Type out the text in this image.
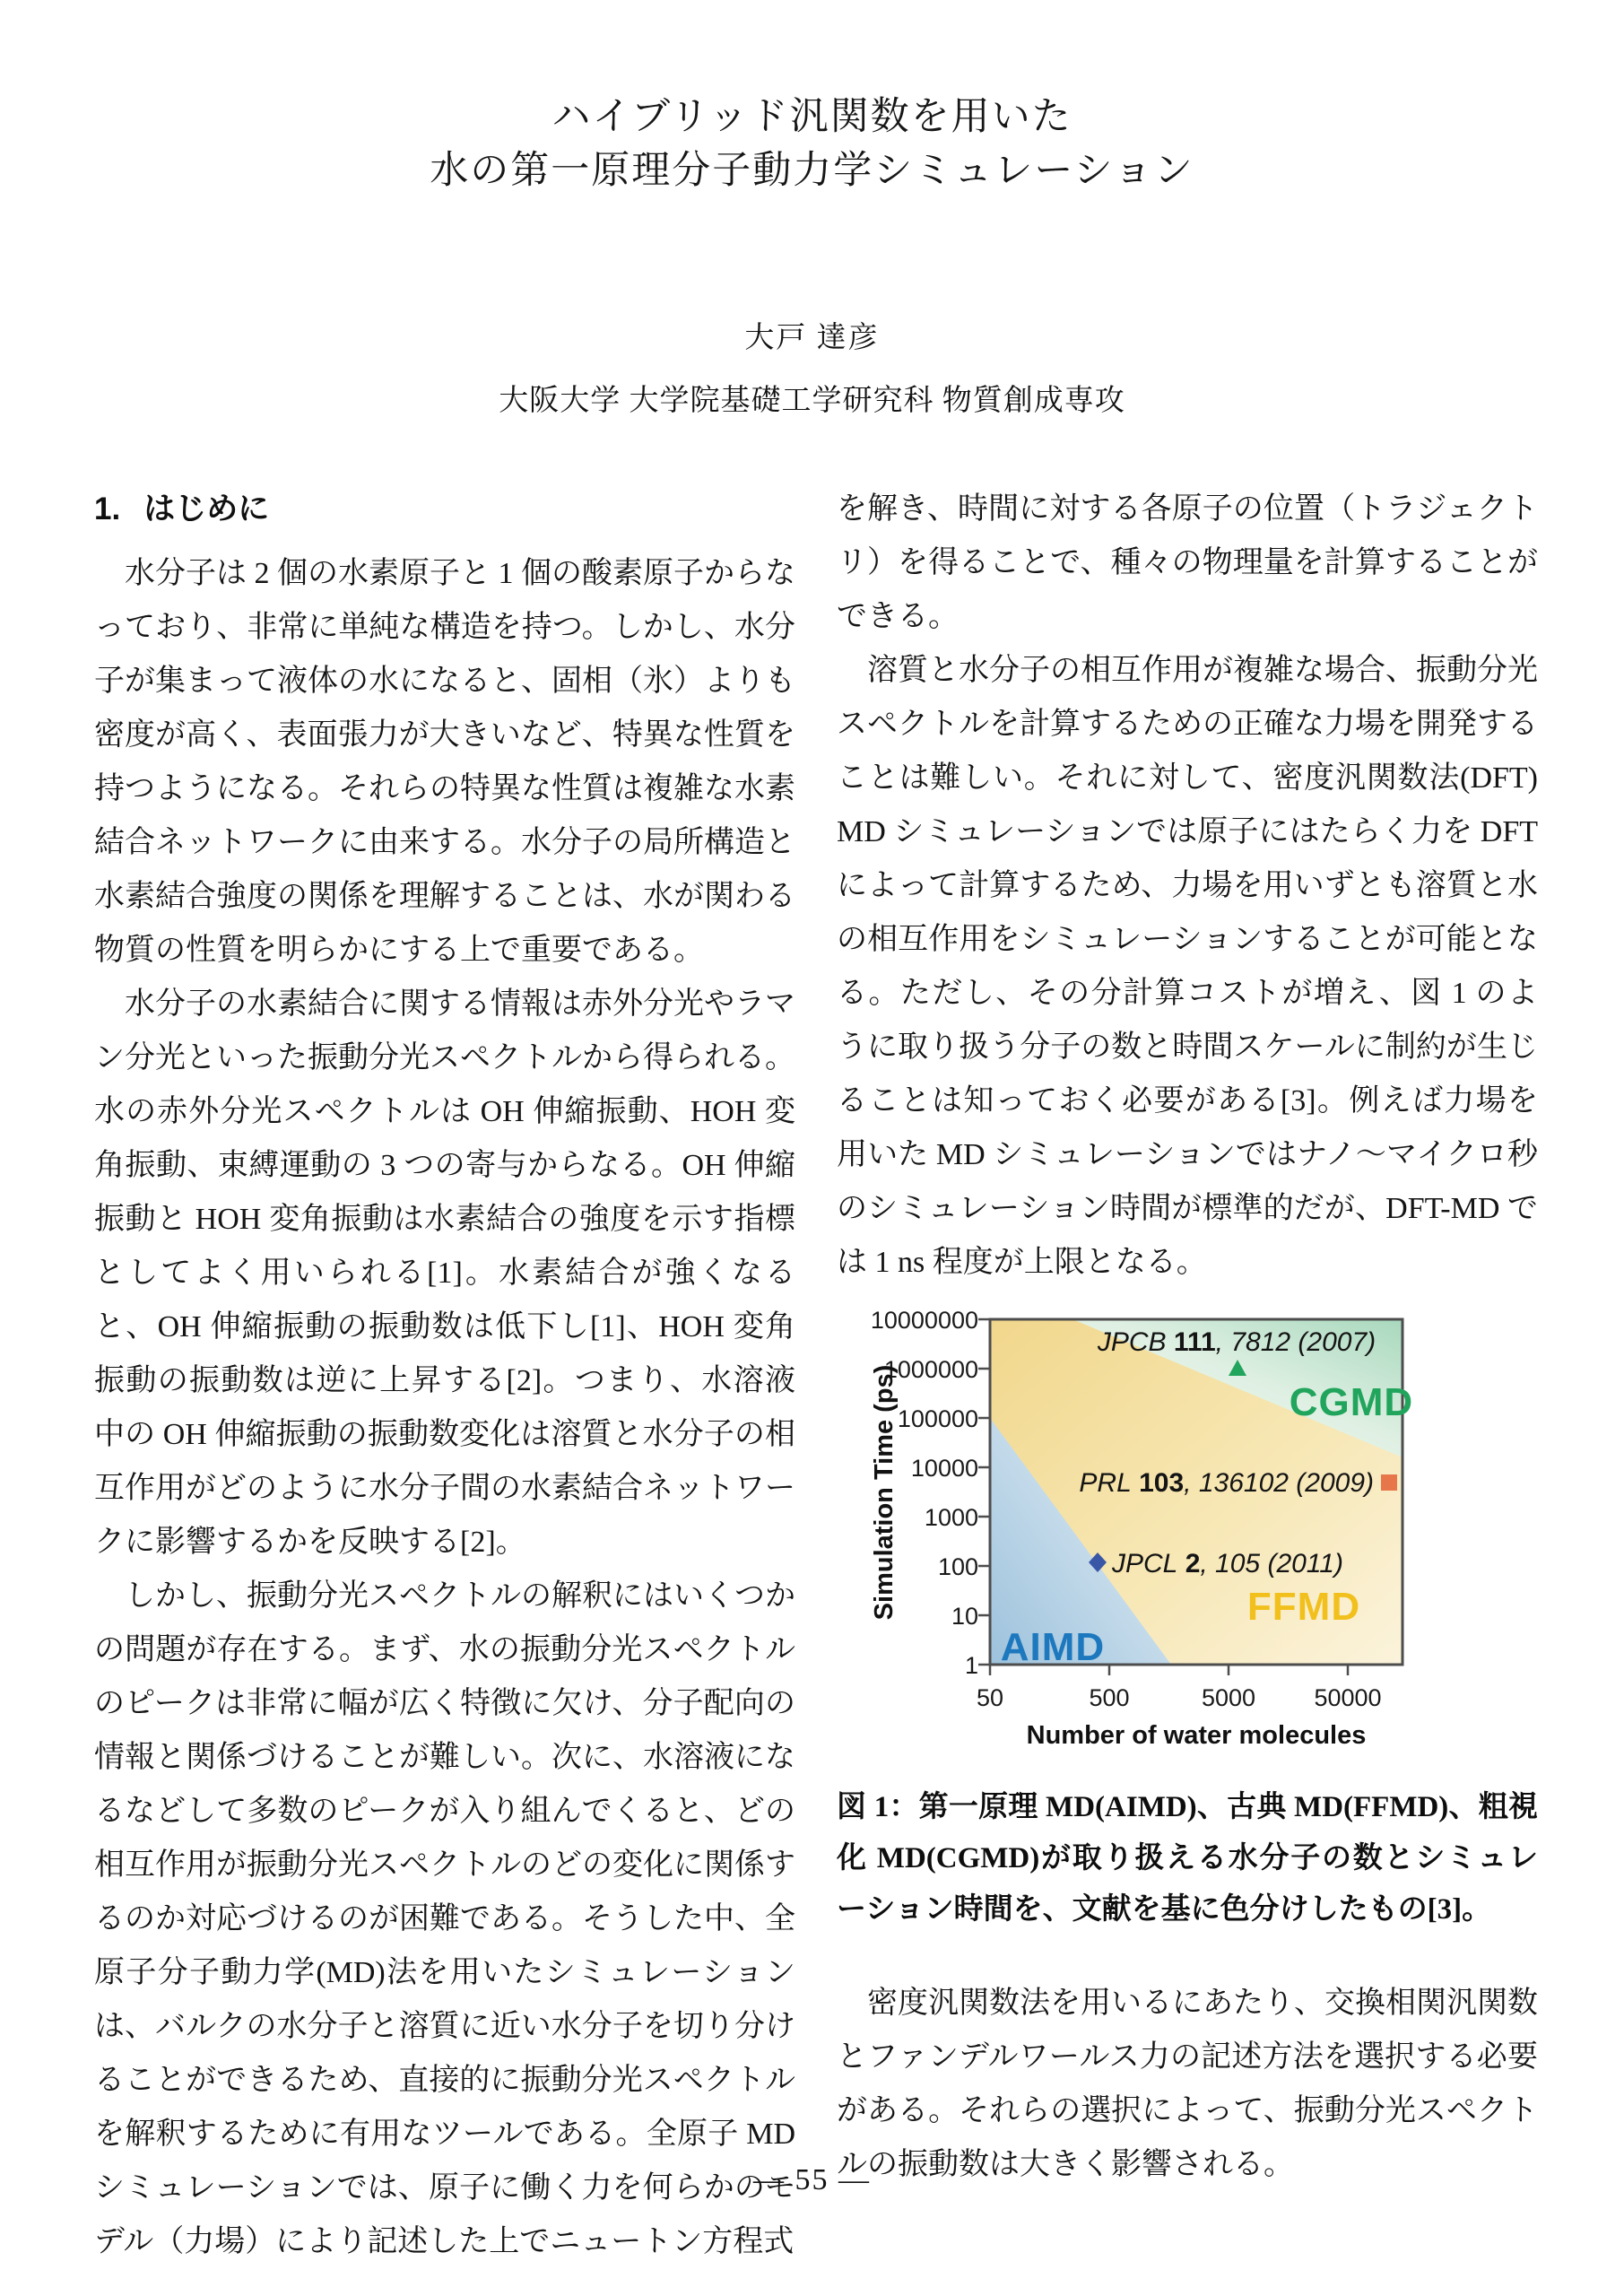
ハイブリッド汎関数を用いた
水の第一原理分子動力学シミュレーション
大戸 達彦
大阪大学 大学院基礎工学研究科 物質創成専攻
1. はじめに

水分子は 2 個の水素原子と 1 個の酸素原子からなっており、非常に単純な構造を持つ。しかし、水分子が集まって液体の水になると、固相（氷）よりも密度が高く、表面張力が大きいなど、特異な性質を持つようになる。それらの特異な性質は複雑な水素結合ネットワークに由来する。水分子の局所構造と水素結合強度の関係を理解することは、水が関わる物質の性質を明らかにする上で重要である。

水分子の水素結合に関する情報は赤外分光やラマン分光といった振動分光スペクトルから得られる。水の赤外分光スペクトルは OH 伸縮振動、HOH 変角振動、束縛運動の 3 つの寄与からなる。OH 伸縮振動と HOH 変角振動は水素結合の強度を示す指標としてよく用いられる[1]。水素結合が強くなると、OH 伸縮振動の振動数は低下し[1]、HOH 変角振動の振動数は逆に上昇する[2]。つまり、水溶液中の OH 伸縮振動の振動数変化は溶質と水分子の相互作用がどのように水分子間の水素結合ネットワークに影響するかを反映する[2]。

しかし、振動分光スペクトルの解釈にはいくつかの問題が存在する。まず、水の振動分光スペクトルのピークは非常に幅が広く特徴に欠け、分子配向の情報と関係づけることが難しい。次に、水溶液になるなどして多数のピークが入り組んでくると、どの相互作用が振動分光スペクトルのどの変化に関係するのか対応づけるのが困難である。そうした中、全原子分子動力学(MD)法を用いたシミュレーションは、バルクの水分子と溶質に近い水分子を切り分けることができるため、直接的に振動分光スペクトルを解釈するために有用なツールである。全原子 MD シミュレーションでは、原子に働く力を何らかのモデル（力場）により記述した上でニュートン方程式

を解き、時間に対する各原子の位置（トラジェクトリ）を得ることで、種々の物理量を計算することができる。

溶質と水分子の相互作用が複雑な場合、振動分光スペクトルを計算するための正確な力場を開発することは難しい。それに対して、密度汎関数法(DFT) MD シミュレーションでは原子にはたらく力を DFT によって計算するため、力場を用いずとも溶質と水の相互作用をシミュレーションすることが可能となる。ただし、その分計算コストが増え、図 1 のように取り扱う分子の数と時間スケールに制約が生じることは知っておく必要がある[3]。例えば力場を用いた MD シミュレーションではナノ～マイクロ秒のシミュレーション時間が標準的だが、DFT-MD では 1 ns 程度が上限となる。

10000000
1000000
100000
10000
1000
100
10
1
50	500	5000 50000
Number of water molecules
Simulation Time (ps)
AIMD
FFMD
CGMD
JPCB 111, 7812 (2007)
PRL 103, 136102 (2009)
JPCL 2, 105 (2011)
図 1：第一原理 MD(AIMD)、古典 MD(FFMD)、粗視化 MD(CGMD)が取り扱える水分子の数とシミュレーション時間を、文献を基に色分けしたもの[3]。

密度汎関数法を用いるにあたり、交換相関汎関数とファンデルワールス力の記述方法を選択する必要がある。それらの選択によって、振動分光スペクトルの振動数は大きく影響される。

— 55 —
